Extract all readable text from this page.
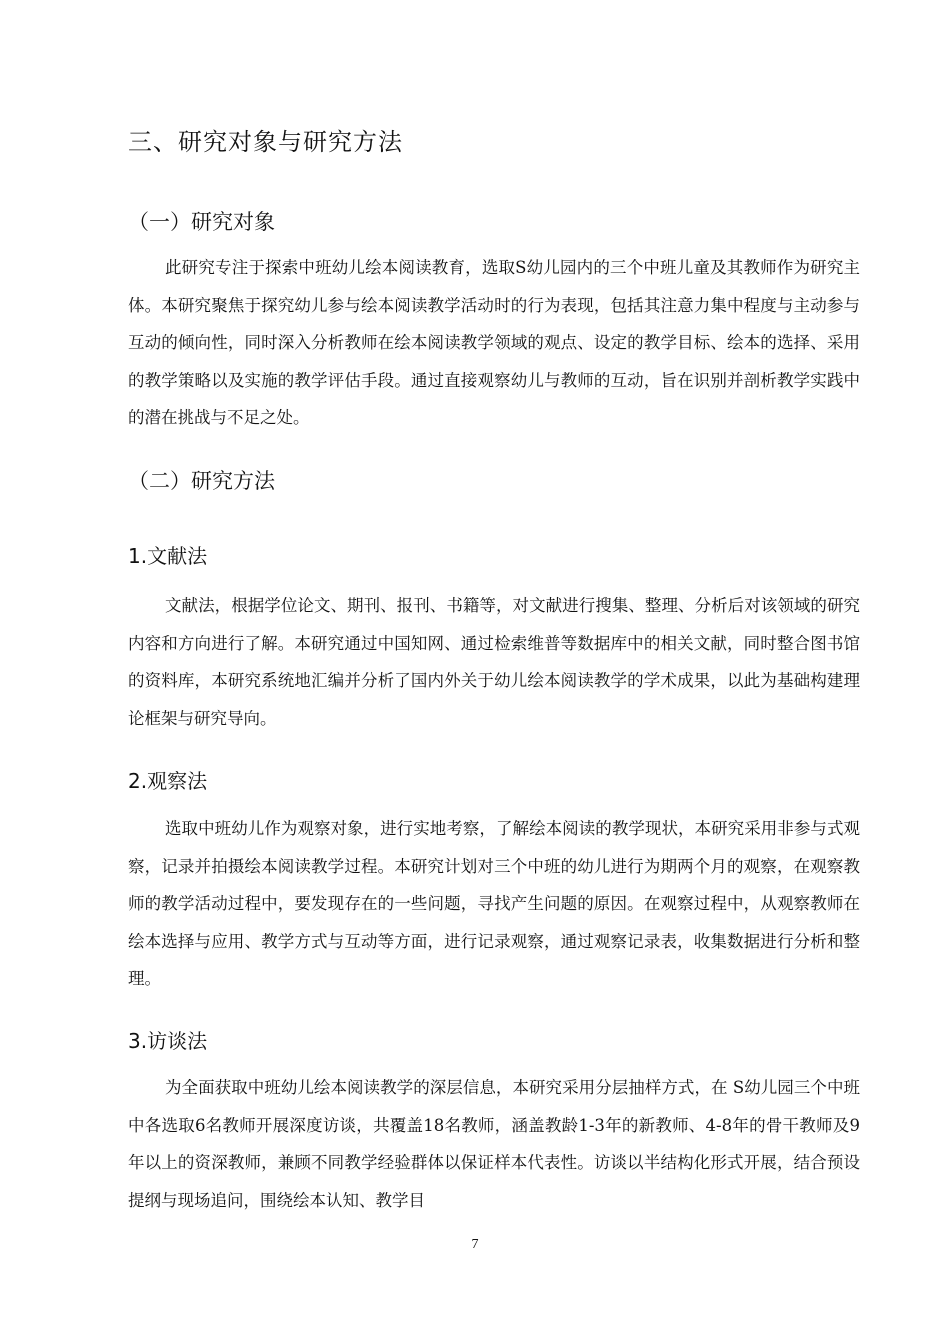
三、研究对象与研究方法
（一）研究对象
此研究专注于探索中班幼儿绘本阅读教育，选取S幼儿园内的三个中班儿童及其教师作为研究主体。本研究聚焦于探究幼儿参与绘本阅读教学活动时的行为表现，包括其注意力集中程度与主动参与互动的倾向性，同时深入分析教师在绘本阅读教学领域的观点、设定的教学目标、绘本的选择、采用的教学策略以及实施的教学评估手段。通过直接观察幼儿与教师的互动，旨在识别并剖析教学实践中的潜在挑战与不足之处。
（二）研究方法
1.文献法
文献法，根据学位论文、期刊、报刊、书籍等，对文献进行搜集、整理、分析后对该领域的研究内容和方向进行了解。本研究通过中国知网、通过检索维普等数据库中的相关文献，同时整合图书馆的资料库，本研究系统地汇编并分析了国内外关于幼儿绘本阅读教学的学术成果，以此为基础构建理论框架与研究导向。
2.观察法
选取中班幼儿作为观察对象，进行实地考察，了解绘本阅读的教学现状，本研究采用非参与式观察，记录并拍摄绘本阅读教学过程。本研究计划对三个中班的幼儿进行为期两个月的观察，在观察教师的教学活动过程中，要发现存在的一些问题，寻找产生问题的原因。在观察过程中，从观察教师在绘本选择与应用、教学方式与互动等方面，进行记录观察，通过观察记录表，收集数据进行分析和整理。
3.访谈法
为全面获取中班幼儿绘本阅读教学的深层信息，本研究采用分层抽样方式，在 S幼儿园三个中班中各选取6名教师开展深度访谈，共覆盖18名教师，涵盖教龄1-3年的新教师、4-8年的骨干教师及9年以上的资深教师，兼顾不同教学经验群体以保证样本代表性。访谈以半结构化形式开展，结合预设提纲与现场追问，围绕绘本认知、教学目
7
